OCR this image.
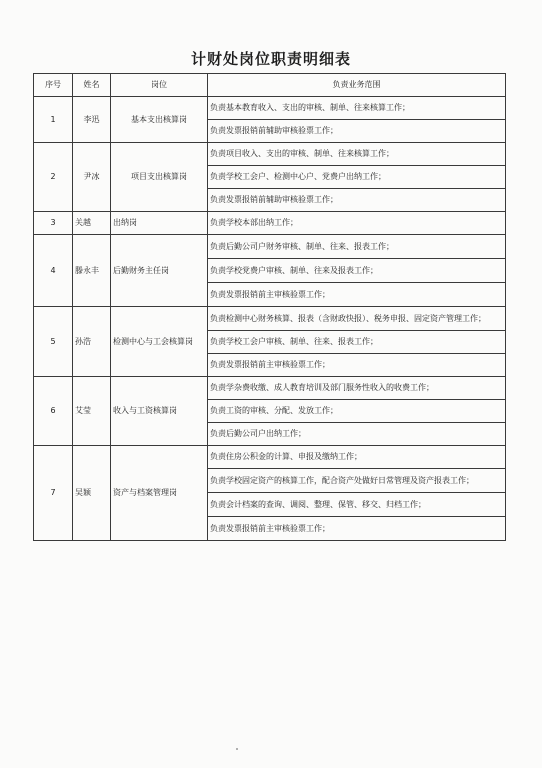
计财处岗位职责明细表
序号	姓名	岗位	负责业务范围
1	李迅	基本支出核算岗	负责基本教育收入、支出的审核、制单、往来核算工作；
			负责发票报销前辅助审核验票工作；
2	尹冰	项目支出核算岗	负责项目收入、支出的审核、制单、往来核算工作；
			负责学校工会户、检测中心户、党费户出纳工作；
			负责发票报销前辅助审核验票工作；
3	关越	出纳岗	负责学校本部出纳工作；
4	滕永丰	后勤财务主任岗	负责后勤公司户财务审核、制单、往来、报表工作；
			负责学校党费户审核、制单、往来及报表工作；
			负责发票报销前主审核验票工作；
5	孙浩	检测中心与工会核算岗	负责检测中心财务核算、报表（含财政快报）、税务申报、固定资产管理工作；
			负责学校工会户审核、制单、往来、报表工作；
			负责发票报销前主审核验票工作；
6	艾莹	收入与工资核算岗	负责学杂费收缴、成人教育培训及部门服务性收入的收费工作；
			负责工资的审核、分配、发放工作；
			负责后勤公司户出纳工作；
7	吴颖	资产与档案管理岗	负责住房公积金的计算、申报及缴纳工作；
			负责学校固定资产的核算工作，配合资产处做好日常管理及资产报表工作；
			负责会计档案的查询、调阅、整理、保管、移交、归档工作；
			负责发票报销前主审核验票工作；
